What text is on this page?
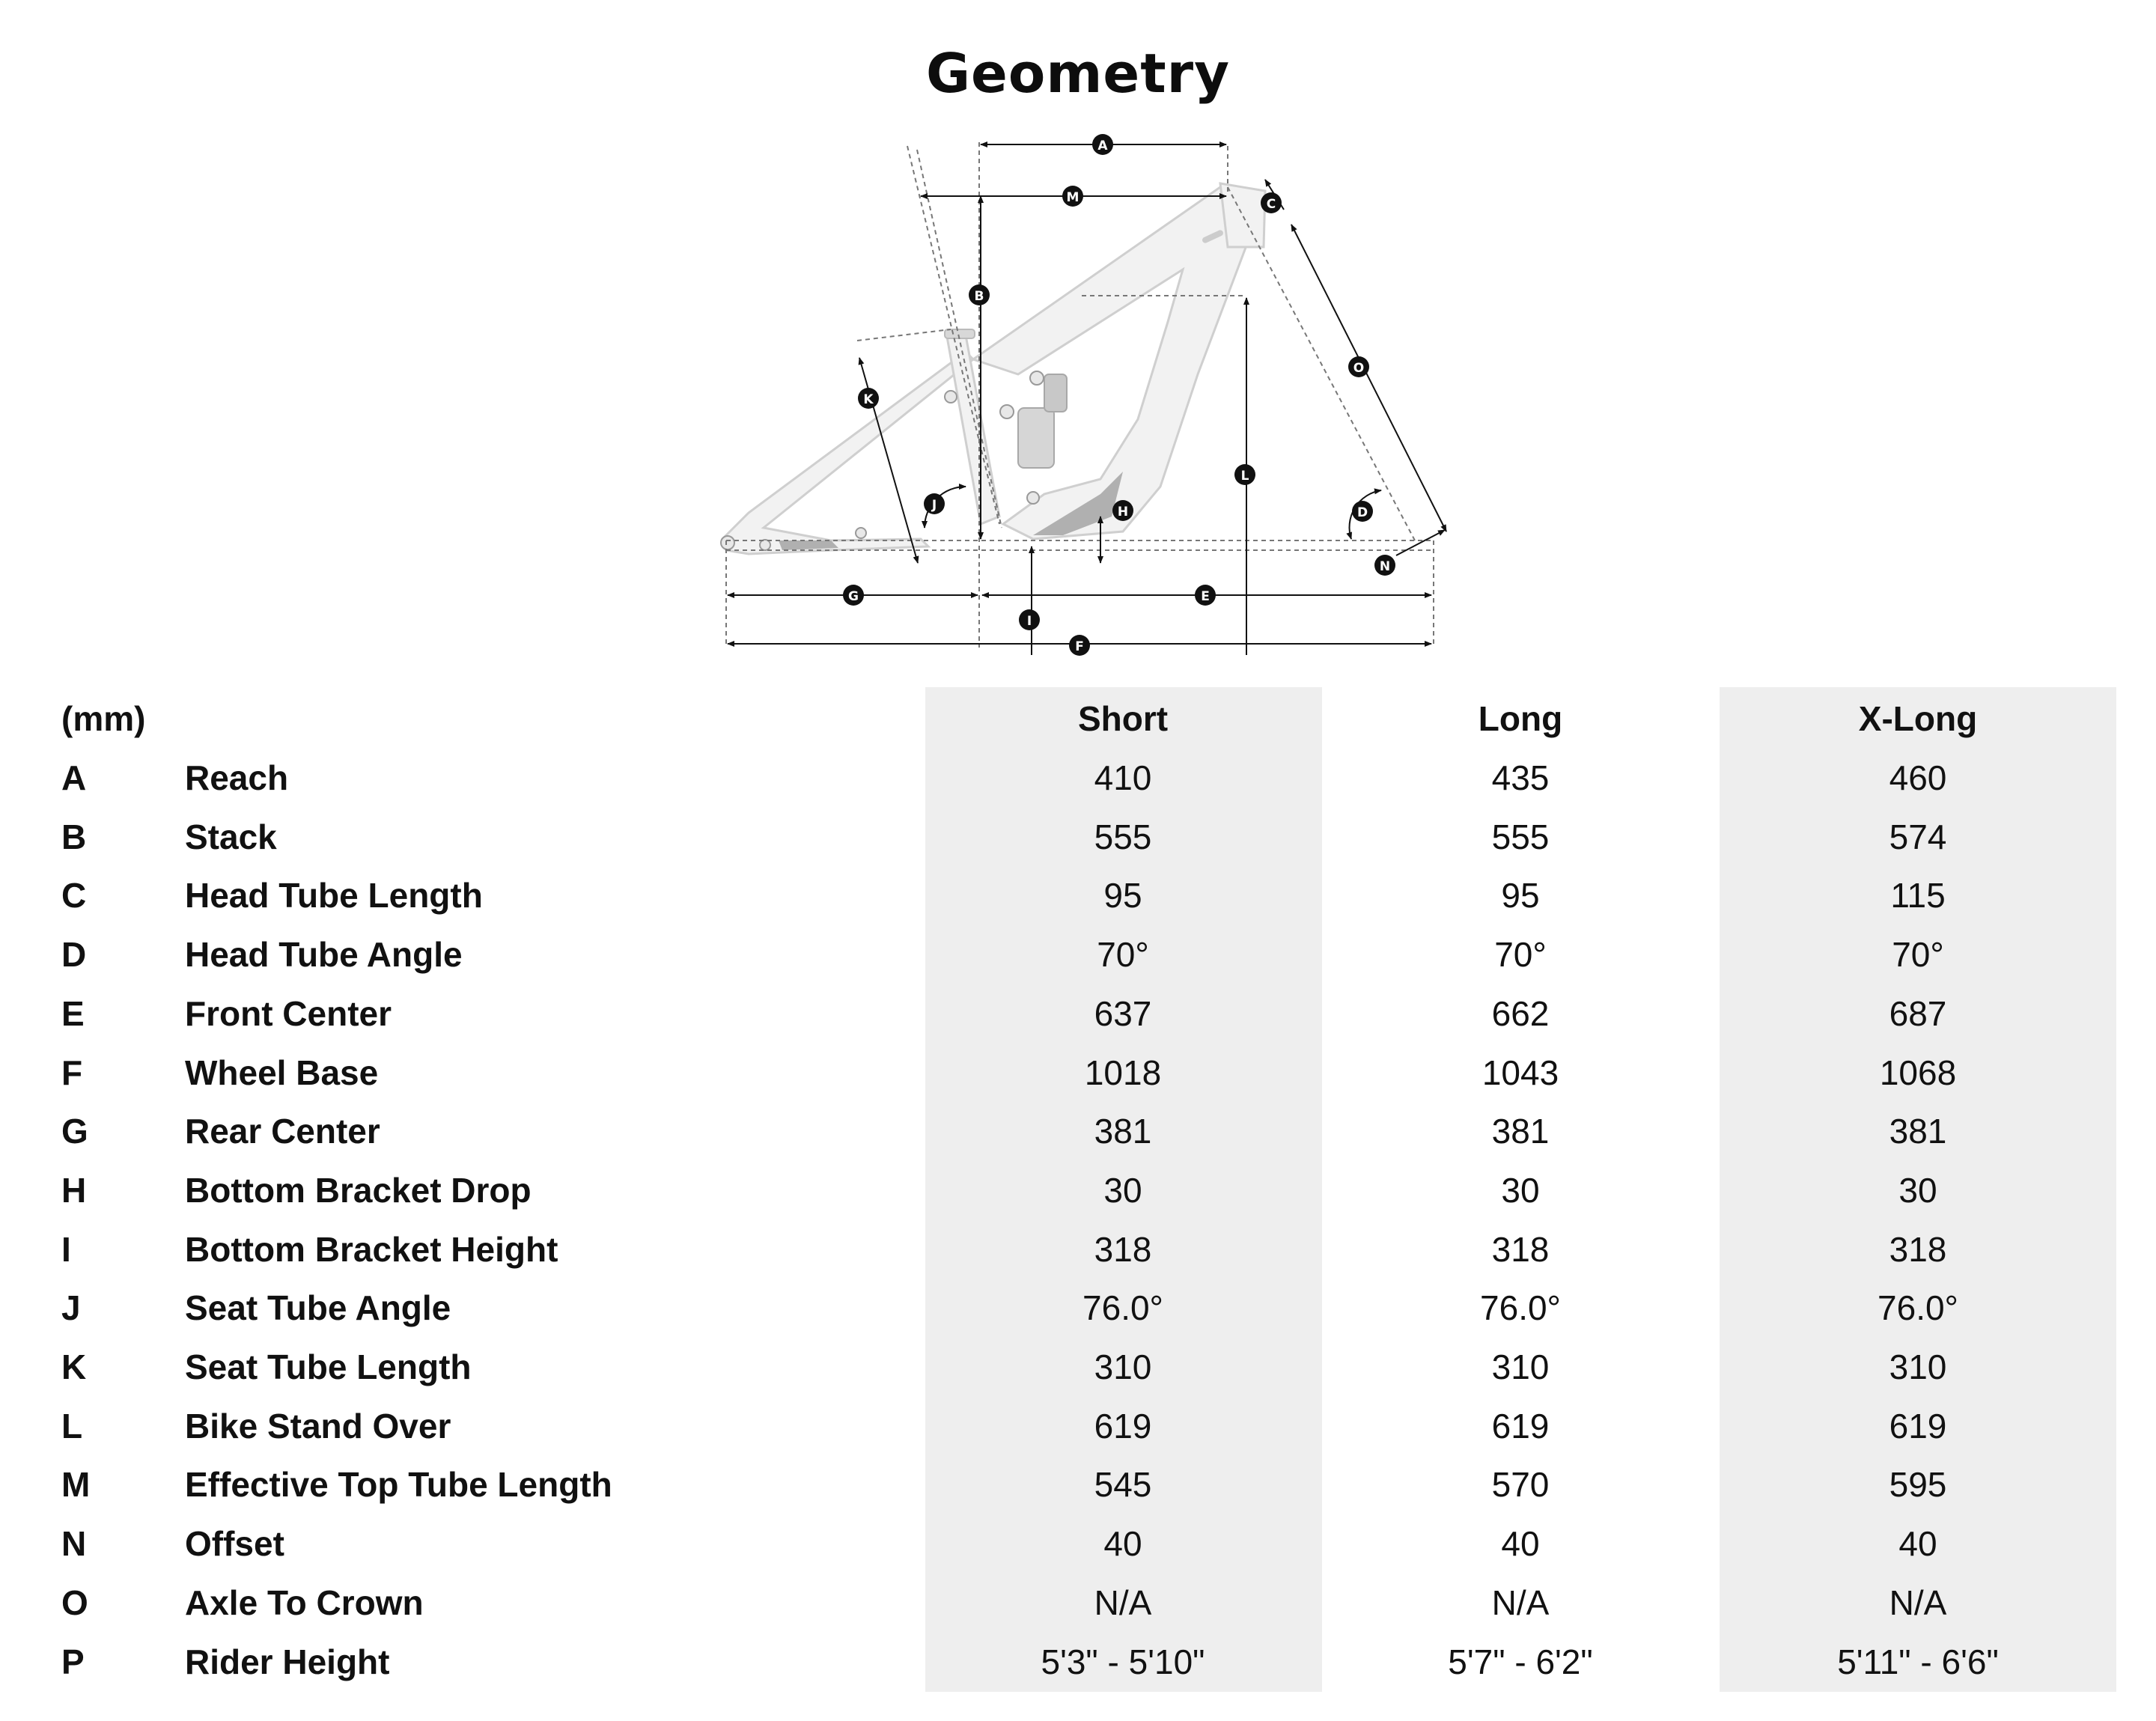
Geometry
A
M	C
B
O
K
L
J	H	D
N
G	E
I
F
(mm)	Short	Long	X-Long
A	Reach	410	435	460
B	Stack	555	555	574
C	Head Tube Length	95	95	115
D	Head Tube Angle	70°	70°	70°
E	Front Center	637	662	687
F	Wheel Base	1018	1043	1068
G	Rear Center	381	381	381
H	Bottom Bracket Drop	30	30	30
I	Bottom Bracket Height	318	318	318
J	Seat Tube Angle	76.0°	76.0°	76.0°
K	Seat Tube Length	310	310	310
L	Bike Stand Over	619	619	619
M	Effective Top Tube Length	545	570	595
N	Offset	40	40	40
O	Axle To Crown	N/A	N/A	N/A
P	Rider Height	5'3" - 5'10"	5'7" - 6'2"	5'11" - 6'6"
